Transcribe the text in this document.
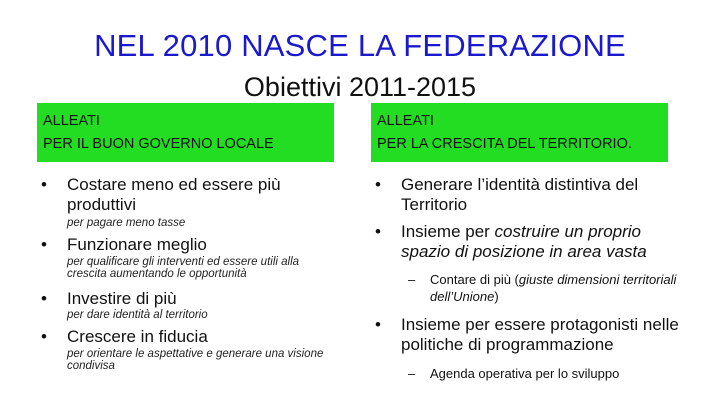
NEL 2010 NASCE LA FEDERAZIONE
Obiettivi 2011-2015
ALLEATI
PER IL BUON GOVERNO LOCALE
ALLEATI
PER LA CRESCITA DEL TERRITORIO.
• Costare meno ed essere più produttivi
per pagare meno tasse
• Funzionare meglio
per qualificare gli interventi ed essere utili alla crescita aumentando le opportunità
• Investire di più
per dare identità al territorio
• Crescere in fiducia
per orientare le aspettative e generare una visione condivisa
• Generare l’identità distintiva del Territorio
• Insieme per costruire un proprio spazio di posizione in area vasta
– Contare di più (giuste dimensioni territoriali dell’Unione)
• Insieme per essere protagonisti nelle politiche di programmazione
– Agenda operativa per lo sviluppo
